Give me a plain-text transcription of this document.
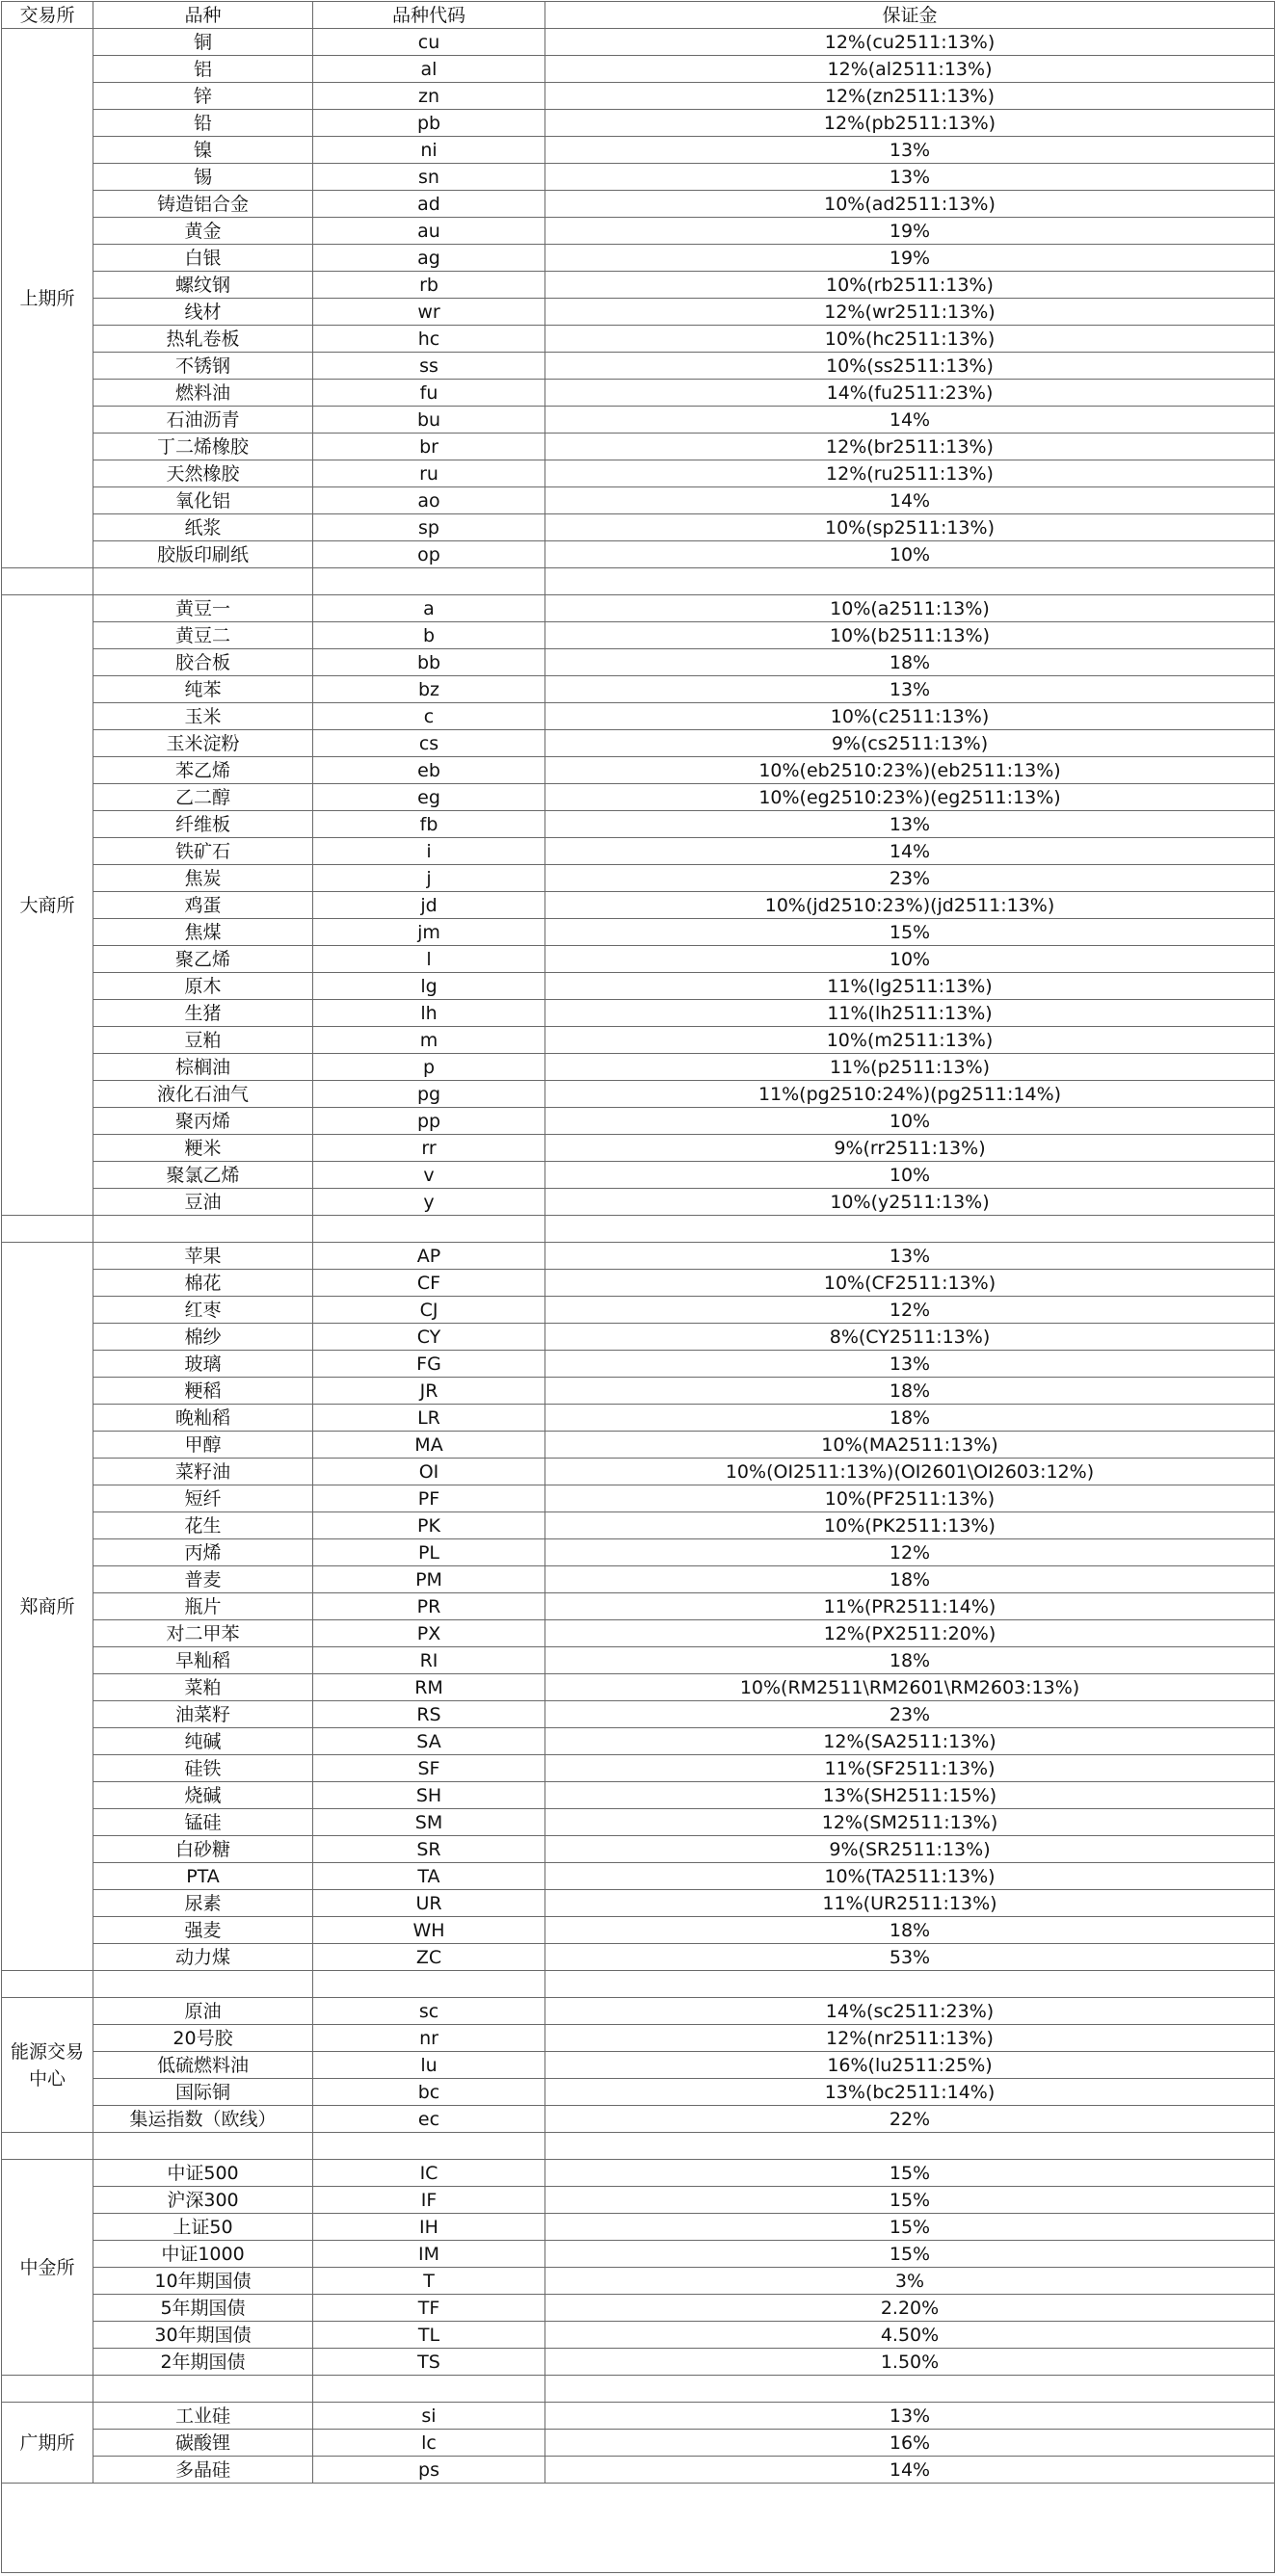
交易所	品种	品种代码	保证金
上期所	铜	cu	12%(cu2511:13%)
	铝	al	12%(al2511:13%)
	锌	zn	12%(zn2511:13%)
	铅	pb	12%(pb2511:13%)
	镍	ni	13%
	锡	sn	13%
	铸造铝合金	ad	10%(ad2511:13%)
	黄金	au	19%
	白银	ag	19%
	螺纹钢	rb	10%(rb2511:13%)
	线材	wr	12%(wr2511:13%)
	热轧卷板	hc	10%(hc2511:13%)
	不锈钢	ss	10%(ss2511:13%)
	燃料油	fu	14%(fu2511:23%)
	石油沥青	bu	14%
	丁二烯橡胶	br	12%(br2511:13%)
	天然橡胶	ru	12%(ru2511:13%)
	氧化铝	ao	14%
	纸浆	sp	10%(sp2511:13%)
	胶版印刷纸	op	10%

大商所	黄豆一	a	10%(a2511:13%)
	黄豆二	b	10%(b2511:13%)
	胶合板	bb	18%
	纯苯	bz	13%
	玉米	c	10%(c2511:13%)
	玉米淀粉	cs	9%(cs2511:13%)
	苯乙烯	eb	10%(eb2510:23%)(eb2511:13%)
	乙二醇	eg	10%(eg2510:23%)(eg2511:13%)
	纤维板	fb	13%
	铁矿石	i	14%
	焦炭	j	23%
	鸡蛋	jd	10%(jd2510:23%)(jd2511:13%)
	焦煤	jm	15%
	聚乙烯	l	10%
	原木	lg	11%(lg2511:13%)
	生猪	lh	11%(lh2511:13%)
	豆粕	m	10%(m2511:13%)
	棕榈油	p	11%(p2511:13%)
	液化石油气	pg	11%(pg2510:24%)(pg2511:14%)
	聚丙烯	pp	10%
	粳米	rr	9%(rr2511:13%)
	聚氯乙烯	v	10%
	豆油	y	10%(y2511:13%)

郑商所	苹果	AP	13%
	棉花	CF	10%(CF2511:13%)
	红枣	CJ	12%
	棉纱	CY	8%(CY2511:13%)
	玻璃	FG	13%
	粳稻	JR	18%
	晚籼稻	LR	18%
	甲醇	MA	10%(MA2511:13%)
	菜籽油	OI	10%(OI2511:13%)(OI2601\OI2603:12%)
	短纤	PF	10%(PF2511:13%)
	花生	PK	10%(PK2511:13%)
	丙烯	PL	12%
	普麦	PM	18%
	瓶片	PR	11%(PR2511:14%)
	对二甲苯	PX	12%(PX2511:20%)
	早籼稻	RI	18%
	菜粕	RM	10%(RM2511\RM2601\RM2603:13%)
	油菜籽	RS	23%
	纯碱	SA	12%(SA2511:13%)
	硅铁	SF	11%(SF2511:13%)
	烧碱	SH	13%(SH2511:15%)
	锰硅	SM	12%(SM2511:13%)
	白砂糖	SR	9%(SR2511:13%)
	PTA	TA	10%(TA2511:13%)
	尿素	UR	11%(UR2511:13%)
	强麦	WH	18%
	动力煤	ZC	53%

能源交易中心	原油	sc	14%(sc2511:23%)
	20号胶	nr	12%(nr2511:13%)
	低硫燃料油	lu	16%(lu2511:25%)
	国际铜	bc	13%(bc2511:14%)
	集运指数（欧线）	ec	22%

中金所	中证500	IC	15%
	沪深300	IF	15%
	上证50	IH	15%
	中证1000	IM	15%
	10年期国债	T	3%
	5年期国债	TF	2.20%
	30年期国债	TL	4.50%
	2年期国债	TS	1.50%

广期所	工业硅	si	13%
	碳酸锂	lc	16%
	多晶硅	ps	14%
